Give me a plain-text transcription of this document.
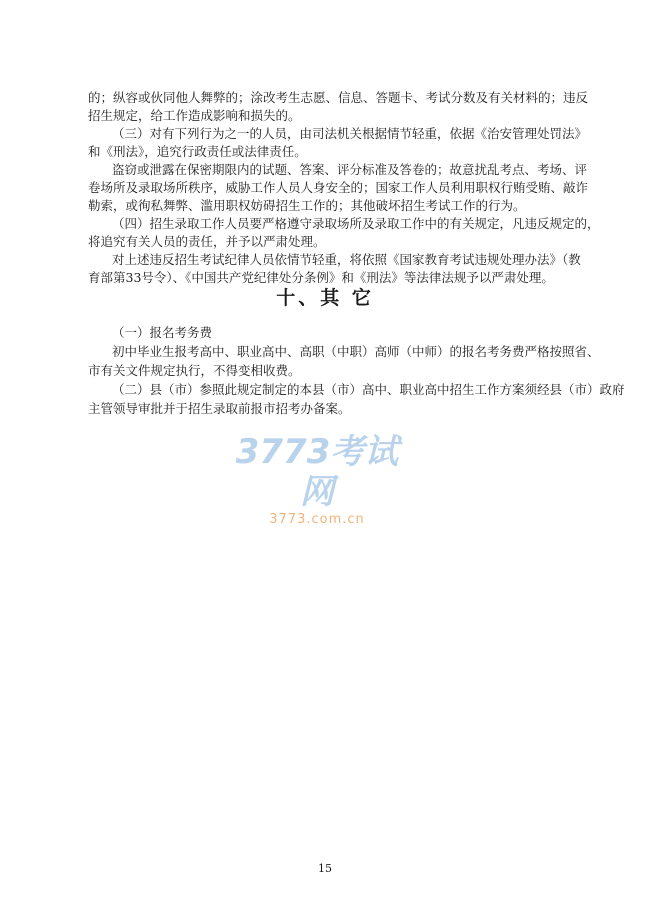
的；纵容或伙同他人舞弊的；涂改考生志愿、信息、答题卡、考试分数及有关材料的；违反
招生规定，给工作造成影响和损失的。
（三）对有下列行为之一的人员，由司法机关根据情节轻重，依据《治安管理处罚法》
和《刑法》，追究行政责任或法律责任。
盗窃或泄露在保密期限内的试题、答案、评分标准及答卷的；故意扰乱考点、考场、评
卷场所及录取场所秩序，威胁工作人员人身安全的；国家工作人员利用职权行贿受贿、敲诈
勒索，或徇私舞弊、滥用职权妨碍招生工作的；其他破坏招生考试工作的行为。
（四）招生录取工作人员要严格遵守录取场所及录取工作中的有关规定，凡违反规定的，
将追究有关人员的责任，并予以严肃处理。
对上述违反招生考试纪律人员依情节轻重，将依照《国家教育考试违规处理办法》（教
育部第33号令）、《中国共产党纪律处分条例》和《刑法》等法律法规予以严肃处理。
十、其 它
（一）报名考务费
初中毕业生报考高中、职业高中、高职（中职）高师（中师）的报名考务费严格按照省、
市有关文件规定执行，不得变相收费。
（二）县（市）参照此规定制定的本县（市）高中、职业高中招生工作方案须经县（市）政府
主管领导审批并于招生录取前报市招考办备案。
3773考试网
3773.com.cn
15
